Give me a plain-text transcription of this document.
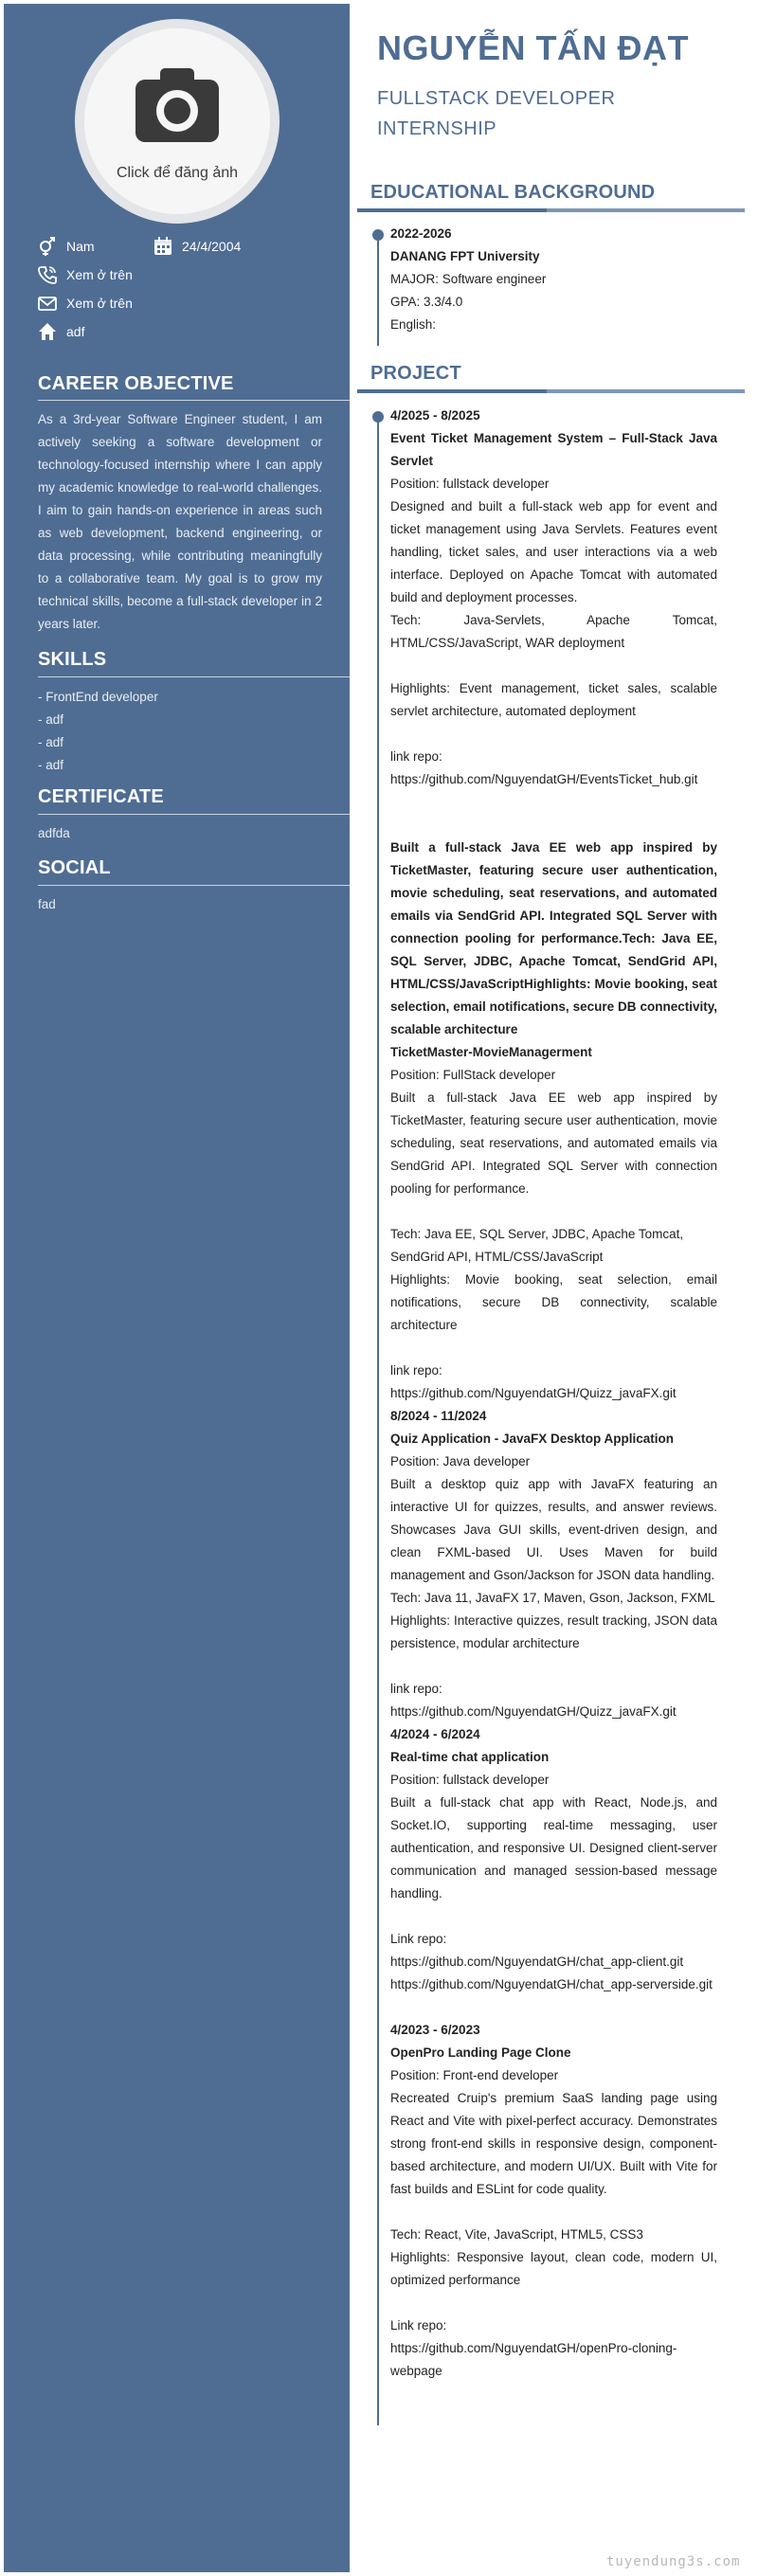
Click để đăng ảnh
Nam	24/4/2004
Xem ở trên
Xem ở trên
adf
CAREER OBJECTIVE
As a 3rd-year Software Engineer student, I am actively seeking a software development or technology-focused internship where I can apply my academic knowledge to real-world challenges. I aim to gain hands-on experience in areas such as web development, backend engineering, or data processing, while contributing meaningfully to a collaborative team. My goal is to grow my technical skills, become a full-stack developer in 2 years later.
SKILLS
- FrontEnd developer
- adf
- adf
- adf
CERTIFICATE
adfda
SOCIAL
fad
NGUYỄN TẤN ĐẠT
FULLSTACK DEVELOPER INTERNSHIP
EDUCATIONAL BACKGROUND
2022-2026
DANANG FPT University
MAJOR: Software engineer
GPA: 3.3/4.0
English:
PROJECT
4/2025 - 8/2025
Event Ticket Management System – Full-Stack Java Servlet
Position: fullstack developer
Designed and built a full-stack web app for event and ticket management using Java Servlets. Features event handling, ticket sales, and user interactions via a web interface. Deployed on Apache Tomcat with automated build and deployment processes.
Tech: Java-Servlets, Apache Tomcat, HTML/CSS/JavaScript, WAR deployment
Highlights: Event management, ticket sales, scalable servlet architecture, automated deployment
link repo:
https://github.com/NguyendatGH/EventsTicket_hub.git
Built a full-stack Java EE web app inspired by TicketMaster, featuring secure user authentication, movie scheduling, seat reservations, and automated emails via SendGrid API. Integrated SQL Server with connection pooling for performance.Tech: Java EE, SQL Server, JDBC, Apache Tomcat, SendGrid API, HTML/CSS/JavaScriptHighlights: Movie booking, seat selection, email notifications, secure DB connectivity, scalable architecture
TicketMaster-MovieManagerment
Position: FullStack developer
Built a full-stack Java EE web app inspired by TicketMaster, featuring secure user authentication, movie scheduling, seat reservations, and automated emails via SendGrid API. Integrated SQL Server with connection pooling for performance.
Tech: Java EE, SQL Server, JDBC, Apache Tomcat, SendGrid API, HTML/CSS/JavaScript
Highlights: Movie booking, seat selection, email notifications, secure DB connectivity, scalable architecture
link repo:
https://github.com/NguyendatGH/Quizz_javaFX.git
8/2024 - 11/2024
Quiz Application - JavaFX Desktop Application
Position: Java developer
Built a desktop quiz app with JavaFX featuring an interactive UI for quizzes, results, and answer reviews. Showcases Java GUI skills, event-driven design, and clean FXML-based UI. Uses Maven for build management and Gson/Jackson for JSON data handling.
Tech: Java 11, JavaFX 17, Maven, Gson, Jackson, FXML
Highlights: Interactive quizzes, result tracking, JSON data persistence, modular architecture
link repo:
https://github.com/NguyendatGH/Quizz_javaFX.git
4/2024 - 6/2024
Real-time chat application
Position: fullstack developer
Built a full-stack chat app with React, Node.js, and Socket.IO, supporting real-time messaging, user authentication, and responsive UI. Designed client-server communication and managed session-based message handling.
Link repo:
https://github.com/NguyendatGH/chat_app-client.git
https://github.com/NguyendatGH/chat_app-serverside.git
4/2023 - 6/2023
OpenPro Landing Page Clone
Position: Front-end developer
Recreated Cruip's premium SaaS landing page using React and Vite with pixel-perfect accuracy. Demonstrates strong front-end skills in responsive design, component-based architecture, and modern UI/UX. Built with Vite for fast builds and ESLint for code quality.
Tech: React, Vite, JavaScript, HTML5, CSS3
Highlights: Responsive layout, clean code, modern UI, optimized performance
Link repo:
https://github.com/NguyendatGH/openPro-cloning-webpage
tuyendung3s.com
